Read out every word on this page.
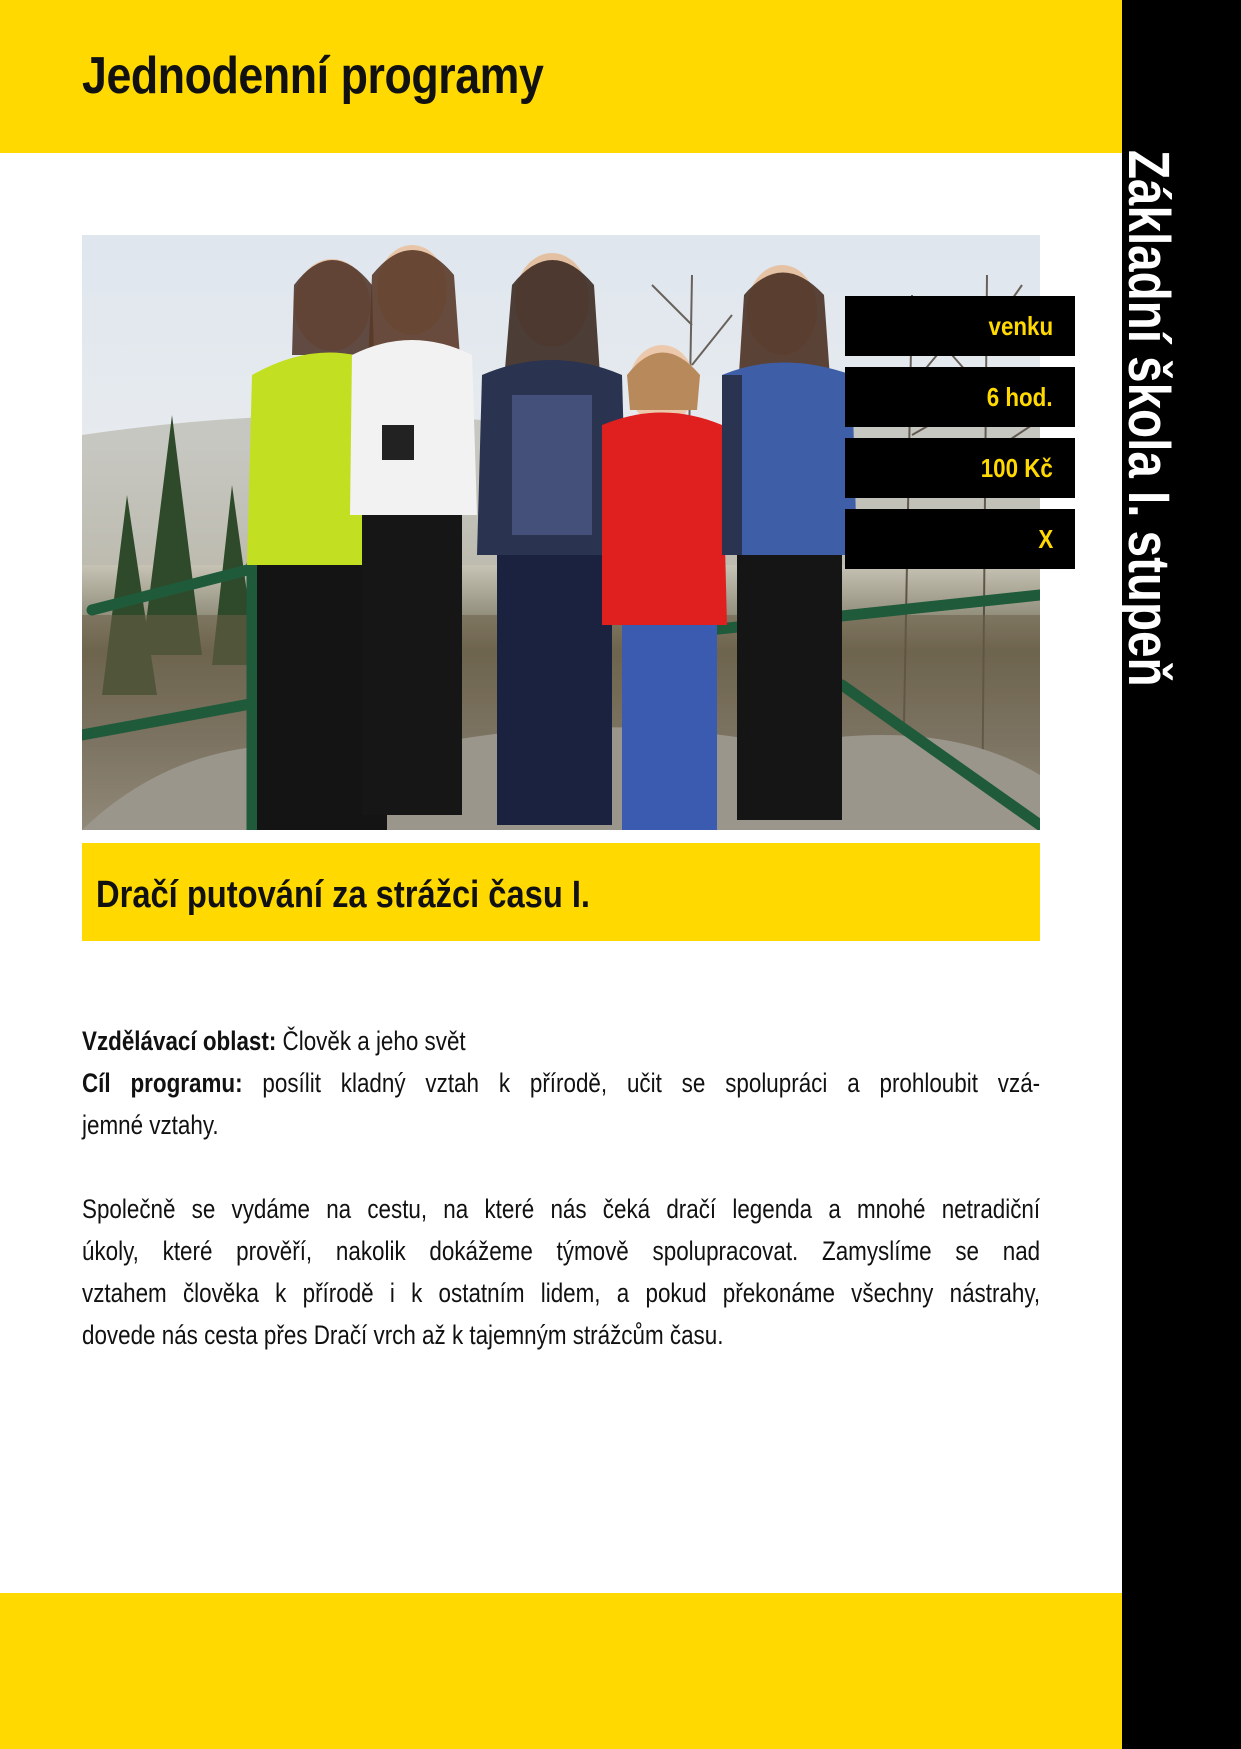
Jednodenní programy
Základní škola I. stupeň
venku
6 hod.
100 Kč
X
Dračí putování za strážci času I.

Vzdělávací oblast: Člověk a jeho svět

Cíl programu: posílit kladný vztah k přírodě, učit se spolupráci a prohloubit vzá-

jemné vztahy.

Společně se vydáme na cestu, na které nás čeká dračí legenda a mnohé netradiční

úkoly, které prověří, nakolik dokážeme týmově spolupracovat. Zamyslíme se nad

vztahem člověka k přírodě i k ostatním lidem, a pokud překonáme všechny nástrahy,

dovede nás cesta přes Dračí vrch až k tajemným strážcům času.
